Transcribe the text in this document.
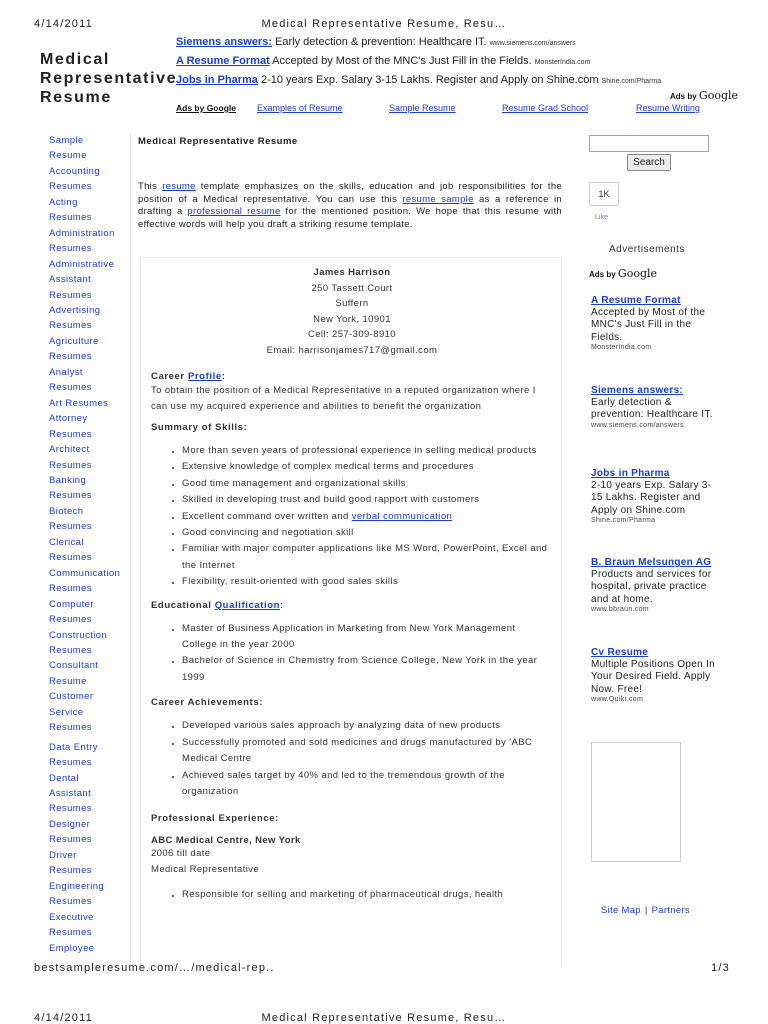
4/14/2011	Medical Representative Resume, Resu…
Medical
Representative
Resume
Siemens answers: Early detection & prevention: Healthcare IT. www.siemens.com/answers
A Resume Format Accepted by Most of the MNC's Just Fill in the Fields. MonsterIndia.com
Jobs in Pharma 2-10 years Exp. Salary 3-15 Lakhs. Register and Apply on Shine.com Shine.com/Pharma
Ads by Google
Ads by Google Examples of Resume	Sample Resume	Resume Grad School	Resume Writing
Sample
Resume
Accounting
Resumes
Acting
Resumes
Administration
Resumes
Administrative
Assistant
Resumes
Advertising
Resumes
Agriculture
Resumes
Analyst
Resumes
Art Resumes
Attorney
Resumes
Architect
Resumes
Banking
Resumes
Biotech
Resumes
Clerical
Resumes
Communication
Resumes
Computer
Resumes
Construction
Resumes
Consultant
Resume
Customer
Service
Resumes
Data Entry
Resumes
Dental
Assistant
Resumes
Designer
Resumes
Driver
Resumes
Engineering
Resumes
Executive
Resumes
Employee
Medical Representative Resume
This resume template emphasizes on the skills, education and job responsibilities for the position of a Medical representative. You can use this resume sample as a reference in drafting a professional resume for the mentioned position. We hope that this resume with effective words will help you draft a striking resume template.
James Harrison
250 Tassett Court
Suffern
New York, 10901
Cell: 257-309-8910
Email: harrisonjames717@gmail.com
Career Profile:
To obtain the position of a Medical Representative in a reputed organization where I can use my acquired experience and abilities to benefit the organization
Summary of Skills:
• More than seven years of professional experience in selling medical products
• Extensive knowledge of complex medical terms and procedures
• Good time management and organizational skills
• Skilled in developing trust and build good rapport with customers
• Excellent command over written and verbal communication
• Good convincing and negotiation skill
• Familiar with major computer applications like MS Word, PowerPoint, Excel and the Internet
• Flexibility, result-oriented with good sales skills
Educational Qualification:
• Master of Business Application in Marketing from New York Management College in the year 2000
• Bachelor of Science in Chemistry from Science College, New York in the year 1999
Career Achievements:
• Developed various sales approach by analyzing data of new products
• Successfully promoted and sold medicines and drugs manufactured by 'ABC Medical Centre
• Achieved sales target by 40% and led to the tremendous growth of the organization
Professional Experience:
ABC Medical Centre, New York
2006 till date
Medical Representative
• Responsible for selling and marketing of pharmaceutical drugs, health
Search
1K
Like
Advertisements
Ads by Google
A Resume Format
Accepted by Most of the MNC's Just Fill in the Fields.
MonsterIndia.com
Siemens answers:
Early detection & prevention: Healthcare IT.
www.siemens.com/answers
Jobs in Pharma
2-10 years Exp. Salary 3-15 Lakhs. Register and Apply on Shine.com
Shine.com/Pharma
B. Braun Melsungen AG
Products and services for hospital, private practice and at home.
www.bbraun.com
Cv Resume
Multiple Positions Open In Your Desired Field. Apply Now. Free!
www.Quikr.com
Site Map | Partners
bestsampleresume.com/…/medical-rep..	1/3
4/14/2011	Medical Representative Resume, Resu…
